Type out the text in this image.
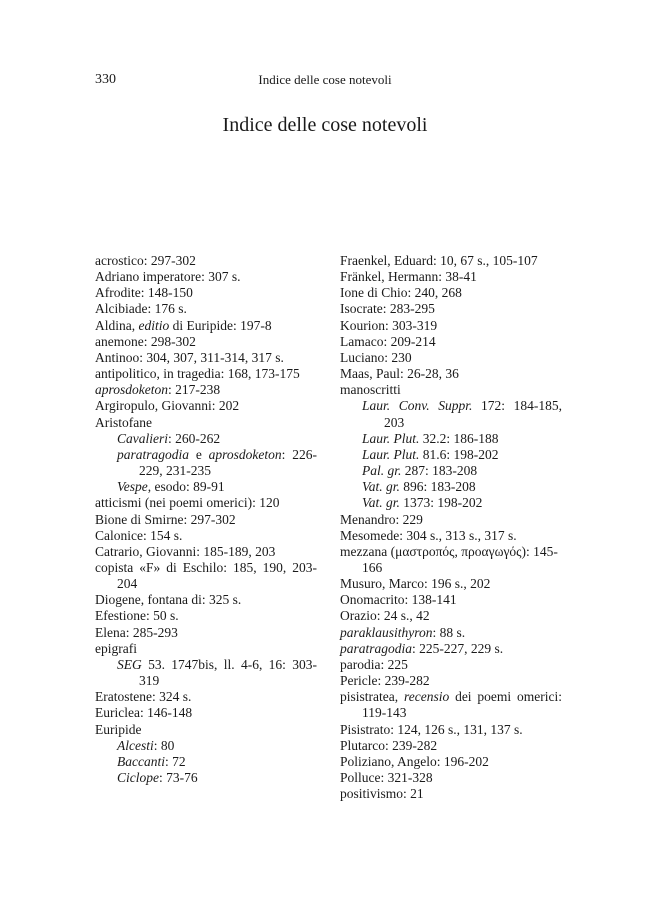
330	Indice delle cose notevoli
Indice delle cose notevoli
acrostico: 297-302
Adriano imperatore: 307 s.
Afrodite: 148-150
Alcibiade: 176 s.
Aldina, editio di Euripide: 197-8
anemone: 298-302
Antinoo: 304, 307, 311-314, 317 s.
antipolitico, in tragedia: 168, 173-175
aprosdoketon: 217-238
Argiropulo, Giovanni: 202
Aristofane
Cavalieri: 260-262
paratragodia e aprosdoketon: 226-229, 231-235
Vespe, esodo: 89-91
atticismi (nei poemi omerici): 120
Bione di Smirne: 297-302
Calonice: 154 s.
Catrario, Giovanni: 185-189, 203
copista «F» di Eschilo: 185, 190, 203-204
Diogene, fontana di: 325 s.
Efestione: 50 s.
Elena: 285-293
epigrafi
SEG 53. 1747bis, ll. 4-6, 16: 303-319
Eratostene: 324 s.
Euriclea: 146-148
Euripide
Alcesti: 80
Baccanti: 72
Ciclope: 73-76
Fraenkel, Eduard: 10, 67 s., 105-107
Fränkel, Hermann: 38-41
Ione di Chio: 240, 268
Isocrate: 283-295
Kourion: 303-319
Lamaco: 209-214
Luciano: 230
Maas, Paul: 26-28, 36
manoscritti
Laur. Conv. Suppr. 172: 184-185, 203
Laur. Plut. 32.2: 186-188
Laur. Plut. 81.6: 198-202
Pal. gr. 287: 183-208
Vat. gr. 896: 183-208
Vat. gr. 1373: 198-202
Menandro: 229
Mesomede: 304 s., 313 s., 317 s.
mezzana (μαστροπός, προαγωγός): 145-166
Musuro, Marco: 196 s., 202
Onomacrito: 138-141
Orazio: 24 s., 42
paraklausithyron: 88 s.
paratragodia: 225-227, 229 s.
parodia: 225
Pericle: 239-282
pisistratea, recensio dei poemi omerici: 119-143
Pisistrato: 124, 126 s., 131, 137 s.
Plutarco: 239-282
Poliziano, Angelo: 196-202
Polluce: 321-328
positivismo: 21
